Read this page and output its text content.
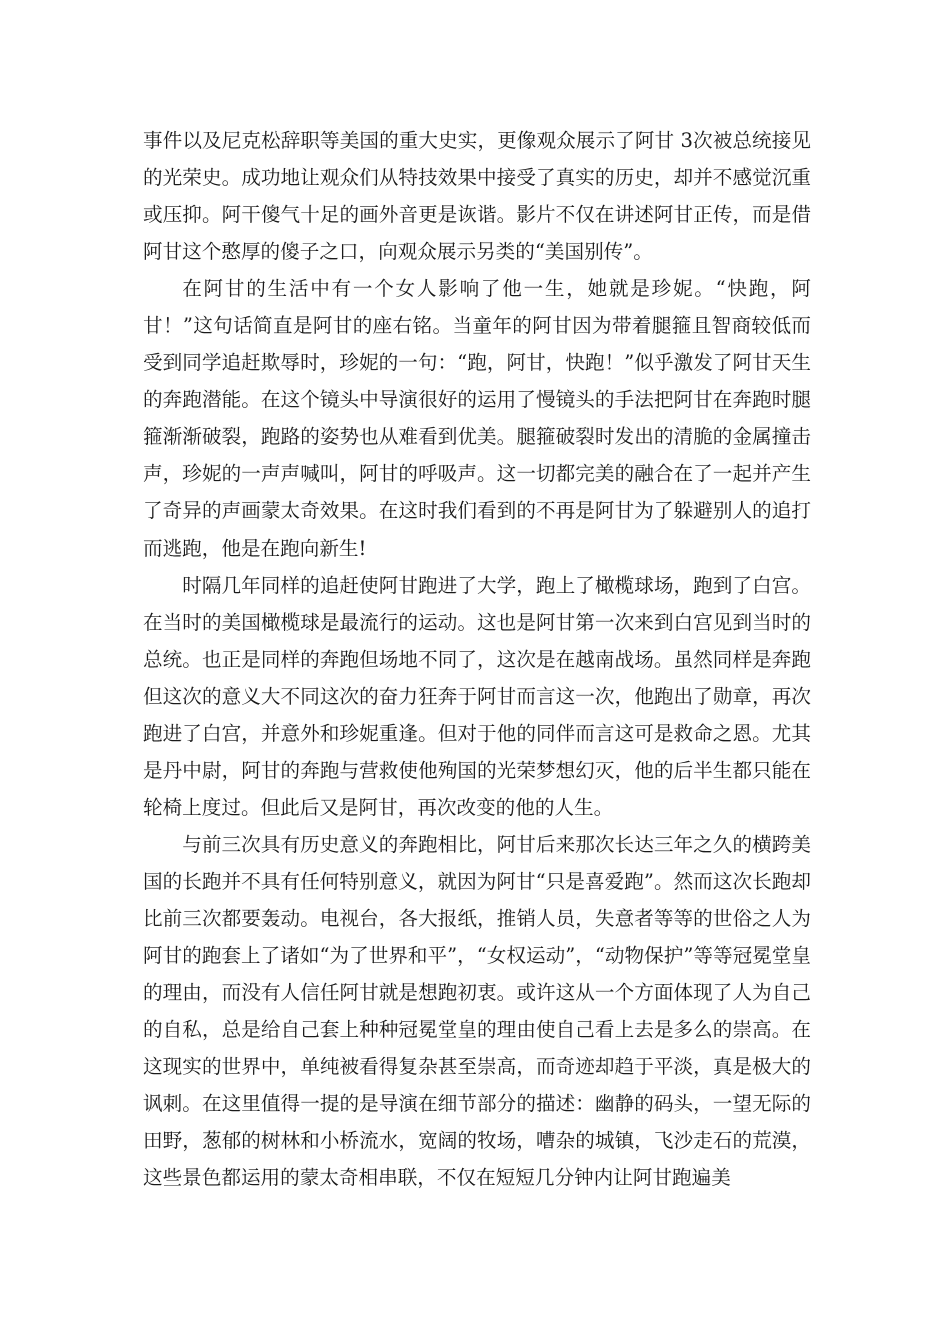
事件以及尼克松辞职等美国的重大史实，更像观众展示了阿甘 3次被总统接见的光荣史。成功地让观众们从特技效果中接受了真实的历史，却并不感觉沉重或压抑。阿干傻气十足的画外音更是诙谐。影片不仅在讲述阿甘正传，而是借阿甘这个憨厚的傻子之口，向观众展示另类的“美国别传”。

在阿甘的生活中有一个女人影响了他一生，她就是珍妮。“快跑，阿甘！”这句话简直是阿甘的座右铭。当童年的阿甘因为带着腿箍且智商较低而受到同学追赶欺辱时，珍妮的一句：“跑，阿甘，快跑！”似乎激发了阿甘天生的奔跑潜能。在这个镜头中导演很好的运用了慢镜头的手法把阿甘在奔跑时腿箍渐渐破裂，跑路的姿势也从难看到优美。腿箍破裂时发出的清脆的金属撞击声，珍妮的一声声喊叫，阿甘的呼吸声。这一切都完美的融合在了一起并产生了奇异的声画蒙太奇效果。在这时我们看到的不再是阿甘为了躲避别人的追打而逃跑，他是在跑向新生!

时隔几年同样的追赶使阿甘跑进了大学，跑上了橄榄球场，跑到了白宫。在当时的美国橄榄球是最流行的运动。这也是阿甘第一次来到白宫见到当时的总统。也正是同样的奔跑但场地不同了，这次是在越南战场。虽然同样是奔跑但这次的意义大不同这次的奋力狂奔于阿甘而言这一次，他跑出了勋章，再次跑进了白宫，并意外和珍妮重逢。但对于他的同伴而言这可是救命之恩。尤其是丹中尉，阿甘的奔跑与营救使他殉国的光荣梦想幻灭，他的后半生都只能在轮椅上度过。但此后又是阿甘，再次改变的他的人生。

与前三次具有历史意义的奔跑相比，阿甘后来那次长达三年之久的横跨美国的长跑并不具有任何特别意义，就因为阿甘“只是喜爱跑”。然而这次长跑却比前三次都要轰动。电视台，各大报纸，推销人员，失意者等等的世俗之人为阿甘的跑套上了诸如“为了世界和平”，“女权运动”，“动物保护”等等冠冕堂皇的理由，而没有人信任阿甘就是想跑初衷。或许这从一个方面体现了人为自己的自私，总是给自己套上种种冠冕堂皇的理由使自己看上去是多么的崇高。在这现实的世界中，单纯被看得复杂甚至崇高，而奇迹却趋于平淡，真是极大的讽刺。在这里值得一提的是导演在细节部分的描述：幽静的码头，一望无际的田野，葱郁的树林和小桥流水，宽阔的牧场，嘈杂的城镇，飞沙走石的荒漠，这些景色都运用的蒙太奇相串联，不仅在短短几分钟内让阿甘跑遍美
